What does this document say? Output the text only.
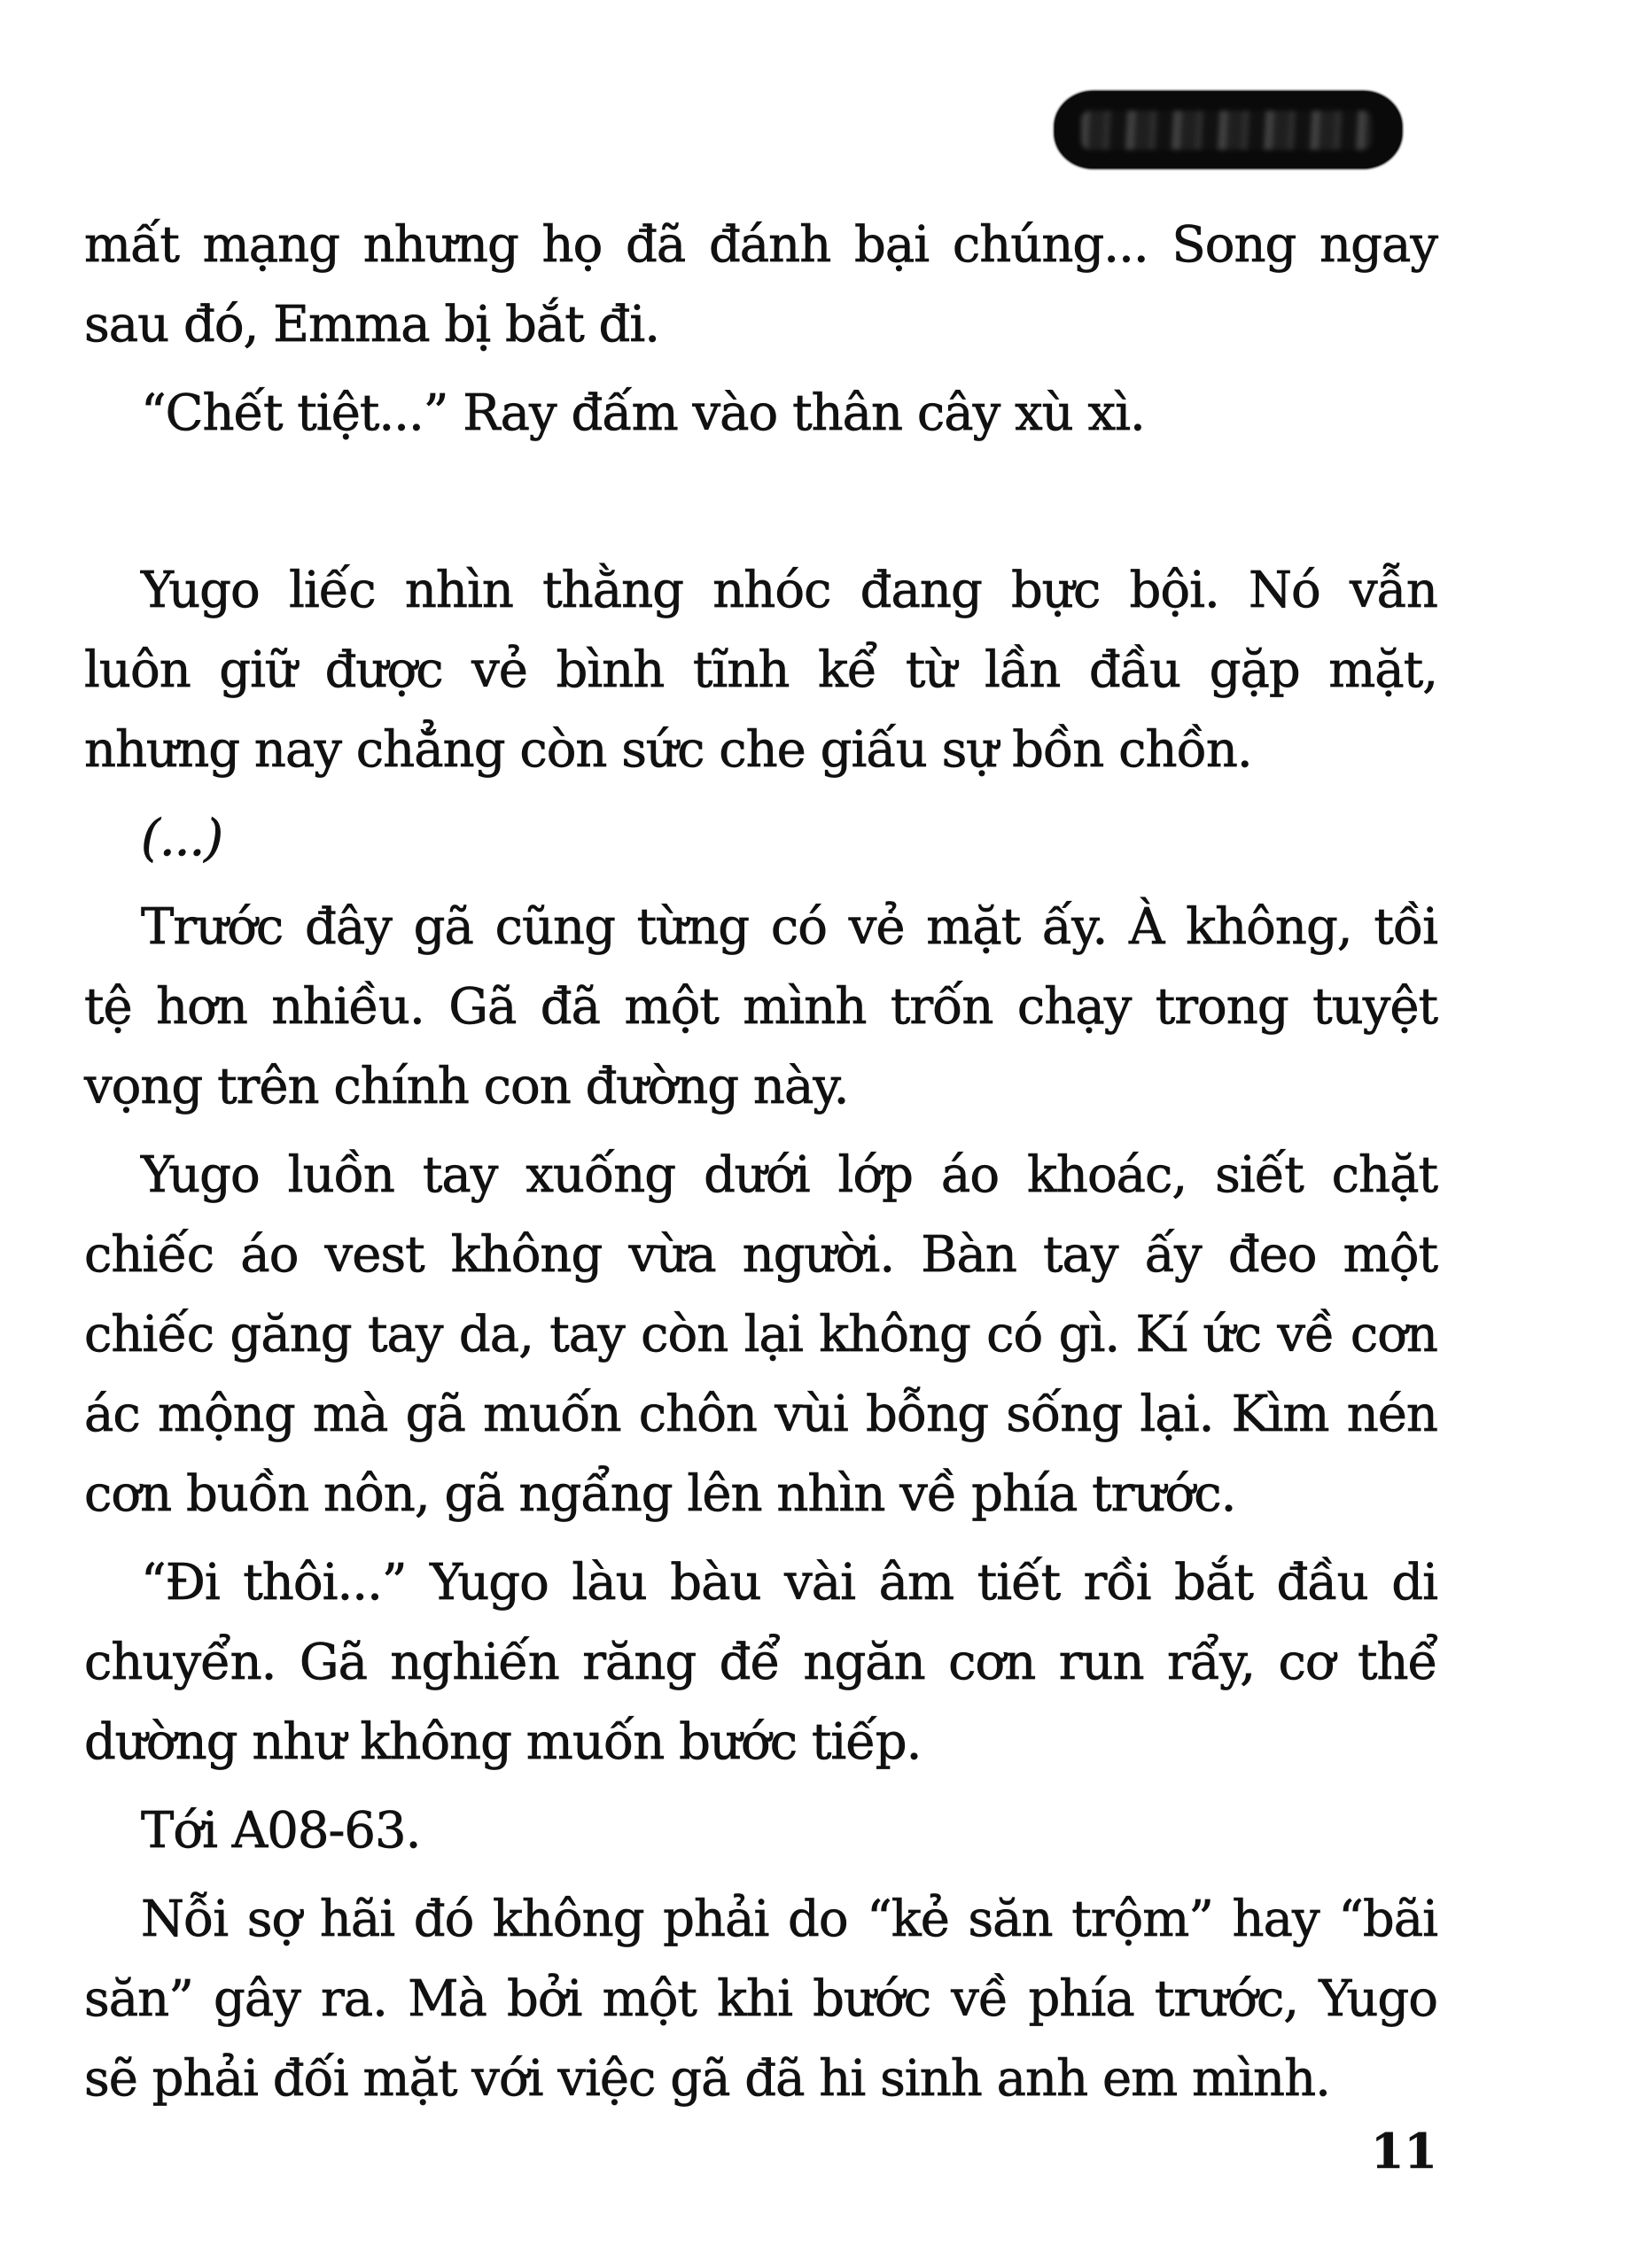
mất mạng nhưng họ đã đánh bại chúng... Song ngay
sau đó, Emma bị bắt đi.
“Chết tiệt...” Ray đấm vào thân cây xù xì.
Yugo liếc nhìn thằng nhóc đang bực bội. Nó vẫn
luôn giữ được vẻ bình tĩnh kể từ lần đầu gặp mặt,
nhưng nay chẳng còn sức che giấu sự bồn chồn.
(...)
Trước đây gã cũng từng có vẻ mặt ấy. À không, tồi
tệ hơn nhiều. Gã đã một mình trốn chạy trong tuyệt
vọng trên chính con đường này.
Yugo luồn tay xuống dưới lớp áo khoác, siết chặt
chiếc áo vest không vừa người. Bàn tay ấy đeo một
chiếc găng tay da, tay còn lại không có gì. Kí ức về cơn
ác mộng mà gã muốn chôn vùi bỗng sống lại. Kìm nén
cơn buồn nôn, gã ngẩng lên nhìn về phía trước.
“Đi thôi...” Yugo làu bàu vài âm tiết rồi bắt đầu di
chuyển. Gã nghiến răng để ngăn cơn run rẩy, cơ thể
dường như không muốn bước tiếp.
Tới A08-63.
Nỗi sợ hãi đó không phải do “kẻ săn trộm” hay “bãi
săn” gây ra. Mà bởi một khi bước về phía trước, Yugo
sẽ phải đối mặt với việc gã đã hi sinh anh em mình.
11
